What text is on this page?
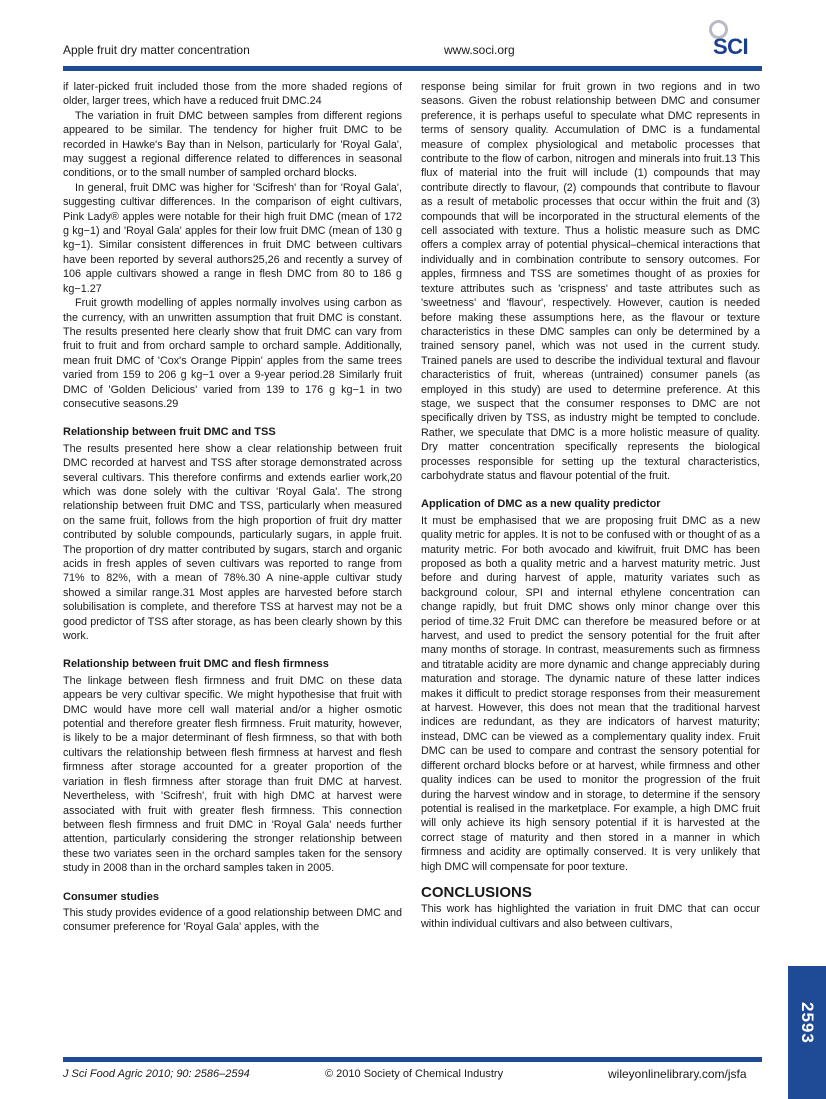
Apple fruit dry matter concentration	www.soci.org	SCI

if later-picked fruit included those from the more shaded regions of older, larger trees, which have a reduced fruit DMC.24

The variation in fruit DMC between samples from different regions appeared to be similar. The tendency for higher fruit DMC to be recorded in Hawke's Bay than in Nelson, particularly for 'Royal Gala', may suggest a regional difference related to differences in seasonal conditions, or to the small number of sampled orchard blocks.

In general, fruit DMC was higher for 'Scifresh' than for 'Royal Gala', suggesting cultivar differences. In the comparison of eight cultivars, Pink Lady® apples were notable for their high fruit DMC (mean of 172 g kg−1) and 'Royal Gala' apples for their low fruit DMC (mean of 130 g kg−1). Similar consistent differences in fruit DMC between cultivars have been reported by several authors25,26 and recently a survey of 106 apple cultivars showed a range in flesh DMC from 80 to 186 g kg−1.27

Fruit growth modelling of apples normally involves using carbon as the currency, with an unwritten assumption that fruit DMC is constant. The results presented here clearly show that fruit DMC can vary from fruit to fruit and from orchard sample to orchard sample. Additionally, mean fruit DMC of 'Cox's Orange Pippin' apples from the same trees varied from 159 to 206 g kg−1 over a 9-year period.28 Similarly fruit DMC of 'Golden Delicious' varied from 139 to 176 g kg−1 in two consecutive seasons.29

Relationship between fruit DMC and TSS

The results presented here show a clear relationship between fruit DMC recorded at harvest and TSS after storage demonstrated across several cultivars. This therefore confirms and extends earlier work,20 which was done solely with the cultivar 'Royal Gala'. The strong relationship between fruit DMC and TSS, particularly when measured on the same fruit, follows from the high proportion of fruit dry matter contributed by soluble compounds, particularly sugars, in apple fruit. The proportion of dry matter contributed by sugars, starch and organic acids in fresh apples of seven cultivars was reported to range from 71% to 82%, with a mean of 78%.30 A nine-apple cultivar study showed a similar range.31 Most apples are harvested before starch solubilisation is complete, and therefore TSS at harvest may not be a good predictor of TSS after storage, as has been clearly shown by this work.

Relationship between fruit DMC and flesh firmness

The linkage between flesh firmness and fruit DMC on these data appears be very cultivar specific. We might hypothesise that fruit with DMC would have more cell wall material and/or a higher osmotic potential and therefore greater flesh firmness. Fruit maturity, however, is likely to be a major determinant of flesh firmness, so that with both cultivars the relationship between flesh firmness at harvest and flesh firmness after storage accounted for a greater proportion of the variation in flesh firmness after storage than fruit DMC at harvest. Nevertheless, with 'Scifresh', fruit with high DMC at harvest were associated with fruit with greater flesh firmness. This connection between flesh firmness and fruit DMC in 'Royal Gala' needs further attention, particularly considering the stronger relationship between these two variates seen in the orchard samples taken for the sensory study in 2008 than in the orchard samples taken in 2005.

Consumer studies

This study provides evidence of a good relationship between DMC and consumer preference for 'Royal Gala' apples, with the

response being similar for fruit grown in two regions and in two seasons. Given the robust relationship between DMC and consumer preference, it is perhaps useful to speculate what DMC represents in terms of sensory quality. Accumulation of DMC is a fundamental measure of complex physiological and metabolic processes that contribute to the flow of carbon, nitrogen and minerals into fruit.13 This flux of material into the fruit will include (1) compounds that may contribute directly to flavour, (2) compounds that contribute to flavour as a result of metabolic processes that occur within the fruit and (3) compounds that will be incorporated in the structural elements of the cell associated with texture. Thus a holistic measure such as DMC offers a complex array of potential physical–chemical interactions that individually and in combination contribute to sensory outcomes. For apples, firmness and TSS are sometimes thought of as proxies for texture attributes such as 'crispness' and taste attributes such as 'sweetness' and 'flavour', respectively. However, caution is needed before making these assumptions here, as the flavour or texture characteristics in these DMC samples can only be determined by a trained sensory panel, which was not used in the current study. Trained panels are used to describe the individual textural and flavour characteristics of fruit, whereas (untrained) consumer panels (as employed in this study) are used to determine preference. At this stage, we suspect that the consumer responses to DMC are not specifically driven by TSS, as industry might be tempted to conclude. Rather, we speculate that DMC is a more holistic measure of quality. Dry matter concentration specifically represents the biological processes responsible for setting up the textural characteristics, carbohydrate status and flavour potential of the fruit.

Application of DMC as a new quality predictor

It must be emphasised that we are proposing fruit DMC as a new quality metric for apples. It is not to be confused with or thought of as a maturity metric. For both avocado and kiwifruit, fruit DMC has been proposed as both a quality metric and a harvest maturity metric. Just before and during harvest of apple, maturity variates such as background colour, SPI and internal ethylene concentration can change rapidly, but fruit DMC shows only minor change over this period of time.32 Fruit DMC can therefore be measured before or at harvest, and used to predict the sensory potential for the fruit after many months of storage. In contrast, measurements such as firmness and titratable acidity are more dynamic and change appreciably during maturation and storage. The dynamic nature of these latter indices makes it difficult to predict storage responses from their measurement at harvest. However, this does not mean that the traditional harvest indices are redundant, as they are indicators of harvest maturity; instead, DMC can be viewed as a complementary quality index. Fruit DMC can be used to compare and contrast the sensory potential for different orchard blocks before or at harvest, while firmness and other quality indices can be used to monitor the progression of the fruit during the harvest window and in storage, to determine if the sensory potential is realised in the marketplace. For example, a high DMC fruit will only achieve its high sensory potential if it is harvested at the correct stage of maturity and then stored in a manner in which firmness and acidity are optimally conserved. It is very unlikely that high DMC will compensate for poor texture.

CONCLUSIONS

This work has highlighted the variation in fruit DMC that can occur within individual cultivars and also between cultivars,

J Sci Food Agric 2010; 90: 2586–2594	© 2010 Society of Chemical Industry	wileyonlinelibrary.com/jsfa
2593
